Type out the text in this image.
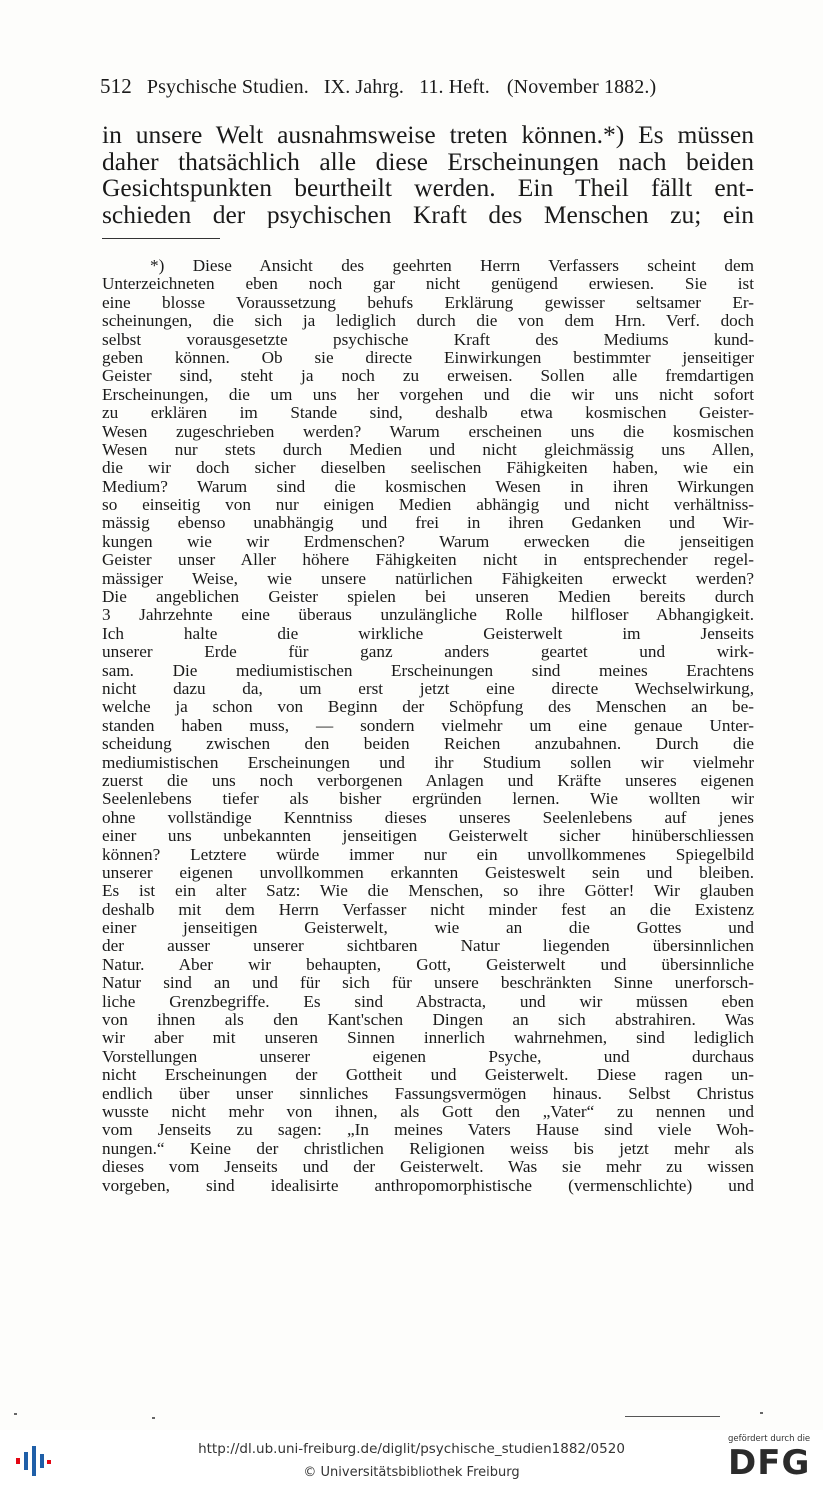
512 Psychische Studien. IX. Jahrg. 11. Heft. (November 1882.)
in unsere Welt ausnahmsweise treten können.*) Es müssen
daher thatsächlich alle diese Erscheinungen nach beiden
Gesichtspunkten beurtheilt werden. Ein Theil fällt ent-
schieden der psychischen Kraft des Menschen zu; ein
*) Diese Ansicht des geehrten Herrn Verfassers scheint dem
Unterzeichneten eben noch gar nicht genügend erwiesen. Sie ist
eine blosse Voraussetzung behufs Erklärung gewisser seltsamer Er-
scheinungen, die sich ja lediglich durch die von dem Hrn. Verf. doch
selbst vorausgesetzte psychische Kraft des Mediums kund-
geben können. Ob sie directe Einwirkungen bestimmter jenseitiger
Geister sind, steht ja noch zu erweisen. Sollen alle fremdartigen
Erscheinungen, die um uns her vorgehen und die wir uns nicht sofort
zu erklären im Stande sind, deshalb etwa kosmischen Geister-
Wesen zugeschrieben werden? Warum erscheinen uns die kosmischen
Wesen nur stets durch Medien und nicht gleichmässig uns Allen,
die wir doch sicher dieselben seelischen Fähigkeiten haben, wie ein
Medium? Warum sind die kosmischen Wesen in ihren Wirkungen
so einseitig von nur einigen Medien abhängig und nicht verhältniss-
mässig ebenso unabhängig und frei in ihren Gedanken und Wir-
kungen wie wir Erdmenschen? Warum erwecken die jenseitigen
Geister unser Aller höhere Fähigkeiten nicht in entsprechender regel-
mässiger Weise, wie unsere natürlichen Fähigkeiten erweckt werden?
Die angeblichen Geister spielen bei unseren Medien bereits durch
3 Jahrzehnte eine überaus unzulängliche Rolle hilfloser Abhangigkeit.
Ich halte die wirkliche Geisterwelt im Jenseits
unserer Erde für ganz anders geartet und wirk-
sam. Die mediumistischen Erscheinungen sind meines Erachtens
nicht dazu da, um erst jetzt eine directe Wechselwirkung,
welche ja schon von Beginn der Schöpfung des Menschen an be-
standen haben muss, — sondern vielmehr um eine genaue Unter-
scheidung zwischen den beiden Reichen anzubahnen. Durch die
mediumistischen Erscheinungen und ihr Studium sollen wir vielmehr
zuerst die uns noch verborgenen Anlagen und Kräfte unseres eigenen
Seelenlebens tiefer als bisher ergründen lernen. Wie wollten wir
ohne vollständige Kenntniss dieses unseres Seelenlebens auf jenes
einer uns unbekannten jenseitigen Geisterwelt sicher hinüberschliessen
können? Letztere würde immer nur ein unvollkommenes Spiegelbild
unserer eigenen unvollkommen erkannten Geisteswelt sein und bleiben.
Es ist ein alter Satz: Wie die Menschen, so ihre Götter! Wir glauben
deshalb mit dem Herrn Verfasser nicht minder fest an die Existenz
einer jenseitigen Geisterwelt, wie an die Gottes und
der ausser unserer sichtbaren Natur liegenden übersinnlichen
Natur. Aber wir behaupten, Gott, Geisterwelt und übersinnliche
Natur sind an und für sich für unsere beschränkten Sinne unerforsch-
liche Grenzbegriffe. Es sind Abstracta, und wir müssen eben
von ihnen als den Kant'schen Dingen an sich abstrahiren. Was
wir aber mit unseren Sinnen innerlich wahrnehmen, sind lediglich
Vorstellungen unserer eigenen Psyche, und durchaus
nicht Erscheinungen der Gottheit und Geisterwelt. Diese ragen un-
endlich über unser sinnliches Fassungsvermögen hinaus. Selbst Christus
wusste nicht mehr von ihnen, als Gott den „Vater“ zu nennen und
vom Jenseits zu sagen: „In meines Vaters Hause sind viele Woh-
nungen.“ Keine der christlichen Religionen weiss bis jetzt mehr als
dieses vom Jenseits und der Geisterwelt. Was sie mehr zu wissen
vorgeben, sind idealisirte anthropomorphistische (vermenschlichte) und
http://dl.ub.uni-freiburg.de/diglit/psychische_studien1882/0520
© Universitätsbibliothek Freiburg
gefördert durch die
DFG
